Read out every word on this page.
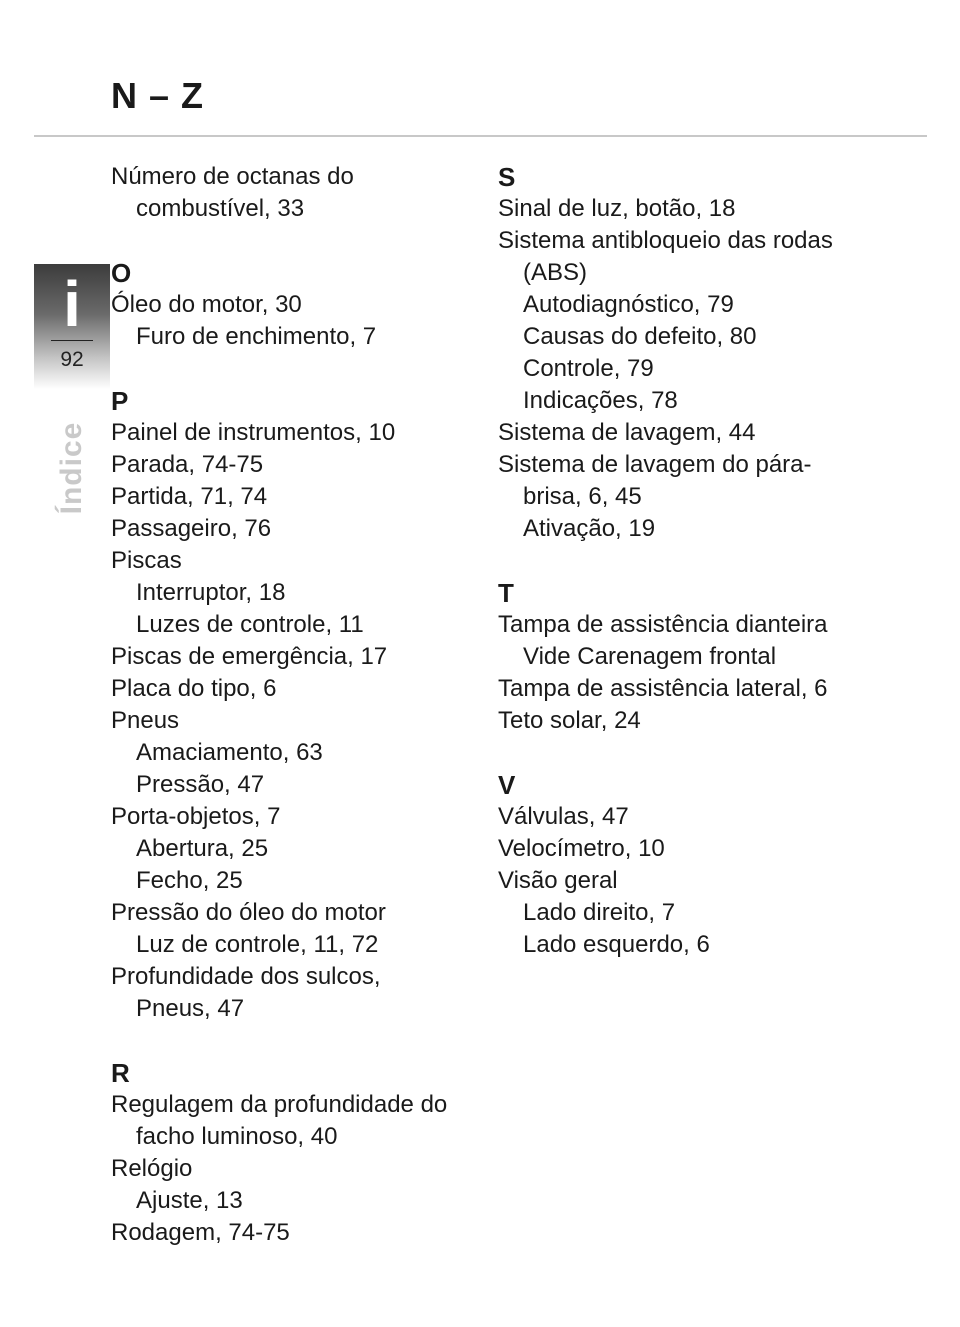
N – Z
i
92
Índice
Número de octanas do
combustível, 33
O
Óleo do motor, 30
Furo de enchimento, 7
P
Painel de instrumentos, 10
Parada, 74-75
Partida, 71, 74
Passageiro, 76
Piscas
Interruptor, 18
Luzes de controle, 11
Piscas de emergência, 17
Placa do tipo, 6
Pneus
Amaciamento, 63
Pressão, 47
Porta-objetos, 7
Abertura, 25
Fecho, 25
Pressão do óleo do motor
Luz de controle, 11, 72
Profundidade dos sulcos,
Pneus, 47
R
Regulagem da profundidade do
facho luminoso, 40
Relógio
Ajuste, 13
Rodagem, 74-75
S
Sinal de luz, botão, 18
Sistema antibloqueio das rodas
(ABS)
Autodiagnóstico, 79
Causas do defeito, 80
Controle, 79
Indicações, 78
Sistema de lavagem, 44
Sistema de lavagem do pára-
brisa, 6, 45
Ativação, 19
T
Tampa de assistência dianteira
Vide Carenagem frontal
Tampa de assistência lateral, 6
Teto solar, 24
V
Válvulas, 47
Velocímetro, 10
Visão geral
Lado direito, 7
Lado esquerdo, 6
